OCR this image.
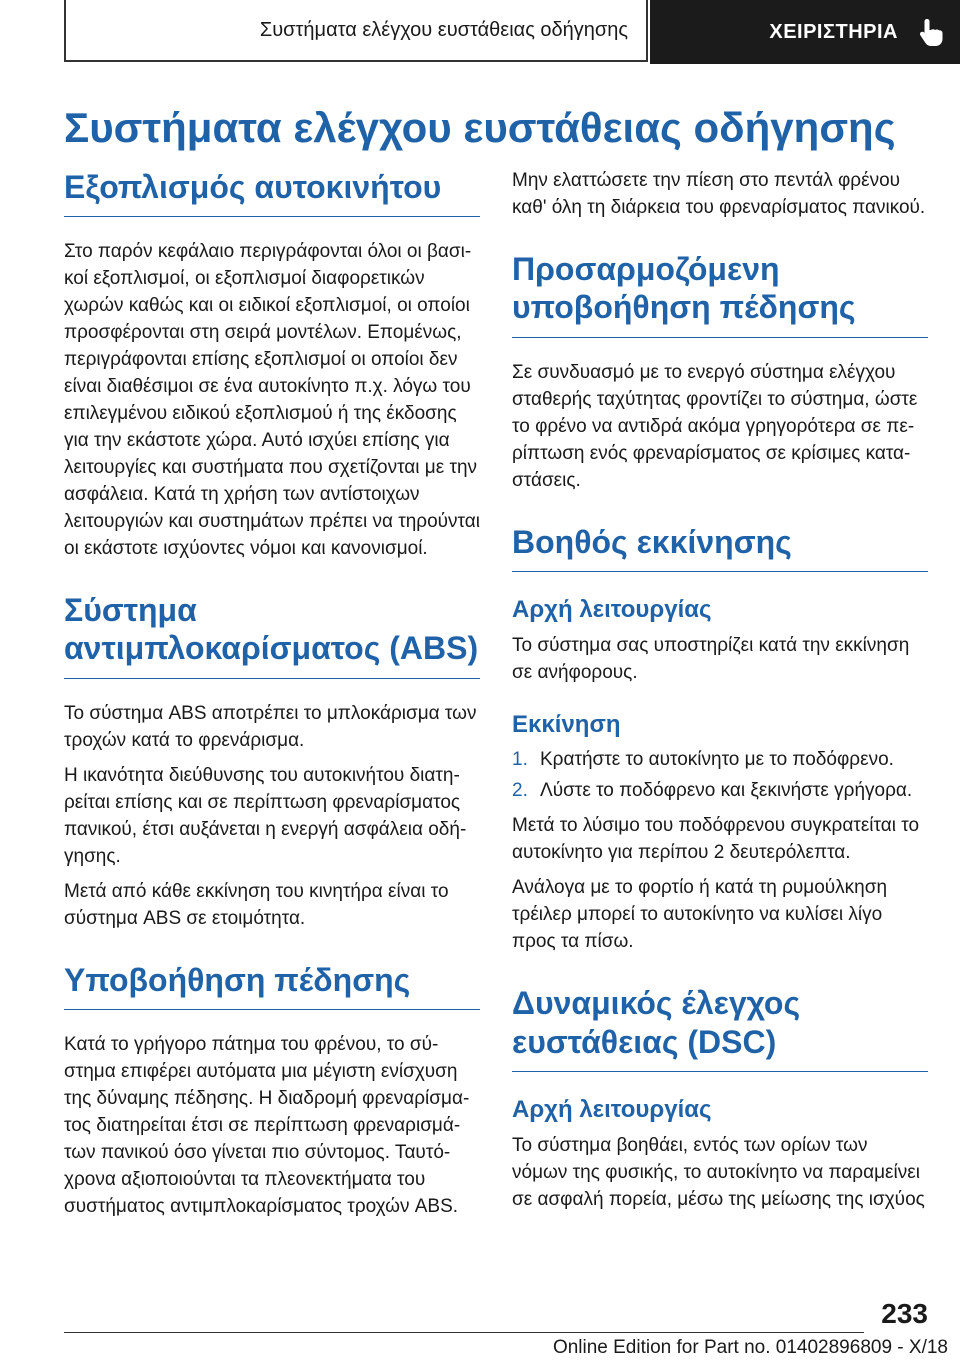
Συστήματα ελέγχου ευστάθειας οδήγησης	ΧΕΙΡΙΣΤΗΡΙΑ
Συστήματα ελέγχου ευστάθειας οδήγησης
Εξοπλισμός αυτοκινήτου

Στο παρόν κεφάλαιο περιγράφονται όλοι οι βασικοί εξοπλισμοί, οι εξοπλισμοί διαφορετικών χωρών καθώς και οι ειδικοί εξοπλισμοί, οι οποίοι προσφέρονται στη σειρά μοντέλων. Επομένως, περιγράφονται επίσης εξοπλισμοί οι οποίοι δεν είναι διαθέσιμοι σε ένα αυτοκίνητο π.χ. λόγω του επιλεγμένου ειδικού εξοπλισμού ή της έκδοσης για την εκάστοτε χώρα. Αυτό ισχύει επίσης για λειτουργίες και συστήματα που σχετίζονται με την ασφάλεια. Κατά τη χρήση των αντίστοιχων λειτουργιών και συστημάτων πρέπει να τηρούνται οι εκάστοτε ισχύοντες νόμοι και κανονισμοί.

Σύστημα αντιμπλοκαρίσματος (ABS)

Το σύστημα ABS αποτρέπει το μπλοκάρισμα των τροχών κατά το φρενάρισμα.

Η ικανότητα διεύθυνσης του αυτοκινήτου διατηρείται επίσης και σε περίπτωση φρεναρίσματος πανικού, έτσι αυξάνεται η ενεργή ασφάλεια οδήγησης.

Μετά από κάθε εκκίνηση του κινητήρα είναι το σύστημα ABS σε ετοιμότητα.

Υποβοήθηση πέδησης

Κατά το γρήγορο πάτημα του φρένου, το σύστημα επιφέρει αυτόματα μια μέγιστη ενίσχυση της δύναμης πέδησης. Η διαδρομή φρεναρίσματος διατηρείται έτσι σε περίπτωση φρεναρισμάτων πανικού όσο γίνεται πιο σύντομος. Ταυτόχρονα αξιοποιούνται τα πλεονεκτήματα του συστήματος αντιμπλοκαρίσματος τροχών ABS.

Μην ελαττώσετε την πίεση στο πεντάλ φρένου καθ' όλη τη διάρκεια του φρεναρίσματος πανικού.

Προσαρμοζόμενη υποβοήθηση πέδησης

Σε συνδυασμό με το ενεργό σύστημα ελέγχου σταθερής ταχύτητας φροντίζει το σύστημα, ώστε το φρένο να αντιδρά ακόμα γρηγορότερα σε περίπτωση ενός φρεναρίσματος σε κρίσιμες καταστάσεις.

Βοηθός εκκίνησης
Αρχή λειτουργίας

Το σύστημα σας υποστηρίζει κατά την εκκίνηση σε ανήφορους.

Εκκίνηση
1. Κρατήστε το αυτοκίνητο με το ποδόφρενο.
2. Λύστε το ποδόφρενο και ξεκινήστε γρήγορα.

Μετά το λύσιμο του ποδόφρενου συγκρατείται το αυτοκίνητο για περίπου 2 δευτερόλεπτα.

Ανάλογα με το φορτίο ή κατά τη ρυμούλκηση τρέιλερ μπορεί το αυτοκίνητο να κυλίσει λίγο προς τα πίσω.

Δυναμικός έλεγχος ευστάθειας (DSC)
Αρχή λειτουργίας

Το σύστημα βοηθάει, εντός των ορίων των νόμων της φυσικής, το αυτοκίνητο να παραμείνει σε ασφαλή πορεία, μέσω της μείωσης της ισχύος

233
Online Edition for Part no. 01402896809 - X/18
